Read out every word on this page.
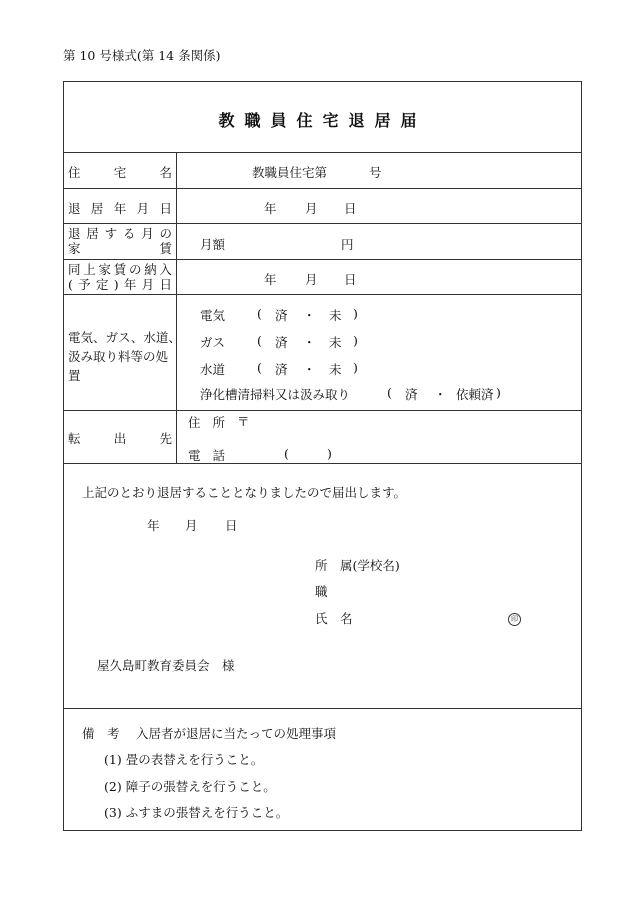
第 10 号様式(第 14 条関係)
教職員住宅退居届
住	宅	名	教職員住宅第	号
退 居 年 月 日	年 月 日
退 居 す る 月 の
家	賃 月額	円
同 上 家 賃 の 納 入
( 予 定 ) 年 月 日	年 月 日
電気、ガス、水道、
汲み取り料等の処
置
電気	( 済 ・ 未 )
ガス	( 済 ・ 未 )
水道	( 済 ・ 未 )
浄化槽清掃料又は汲み取り	( 済 ・ 依頼済 )
転	出	先
住 所 〒
電 話	(	)
上記のとおり退居することとなりましたので届出します。
年 月 日
所　属(学校名)
職
氏　名	印
屋久島町教育委員会　様
備　考 入居者が退居に当たっての処理事項
(1) 畳の表替えを行うこと。
(2) 障子の張替えを行うこと。
(3) ふすまの張替えを行うこと。
